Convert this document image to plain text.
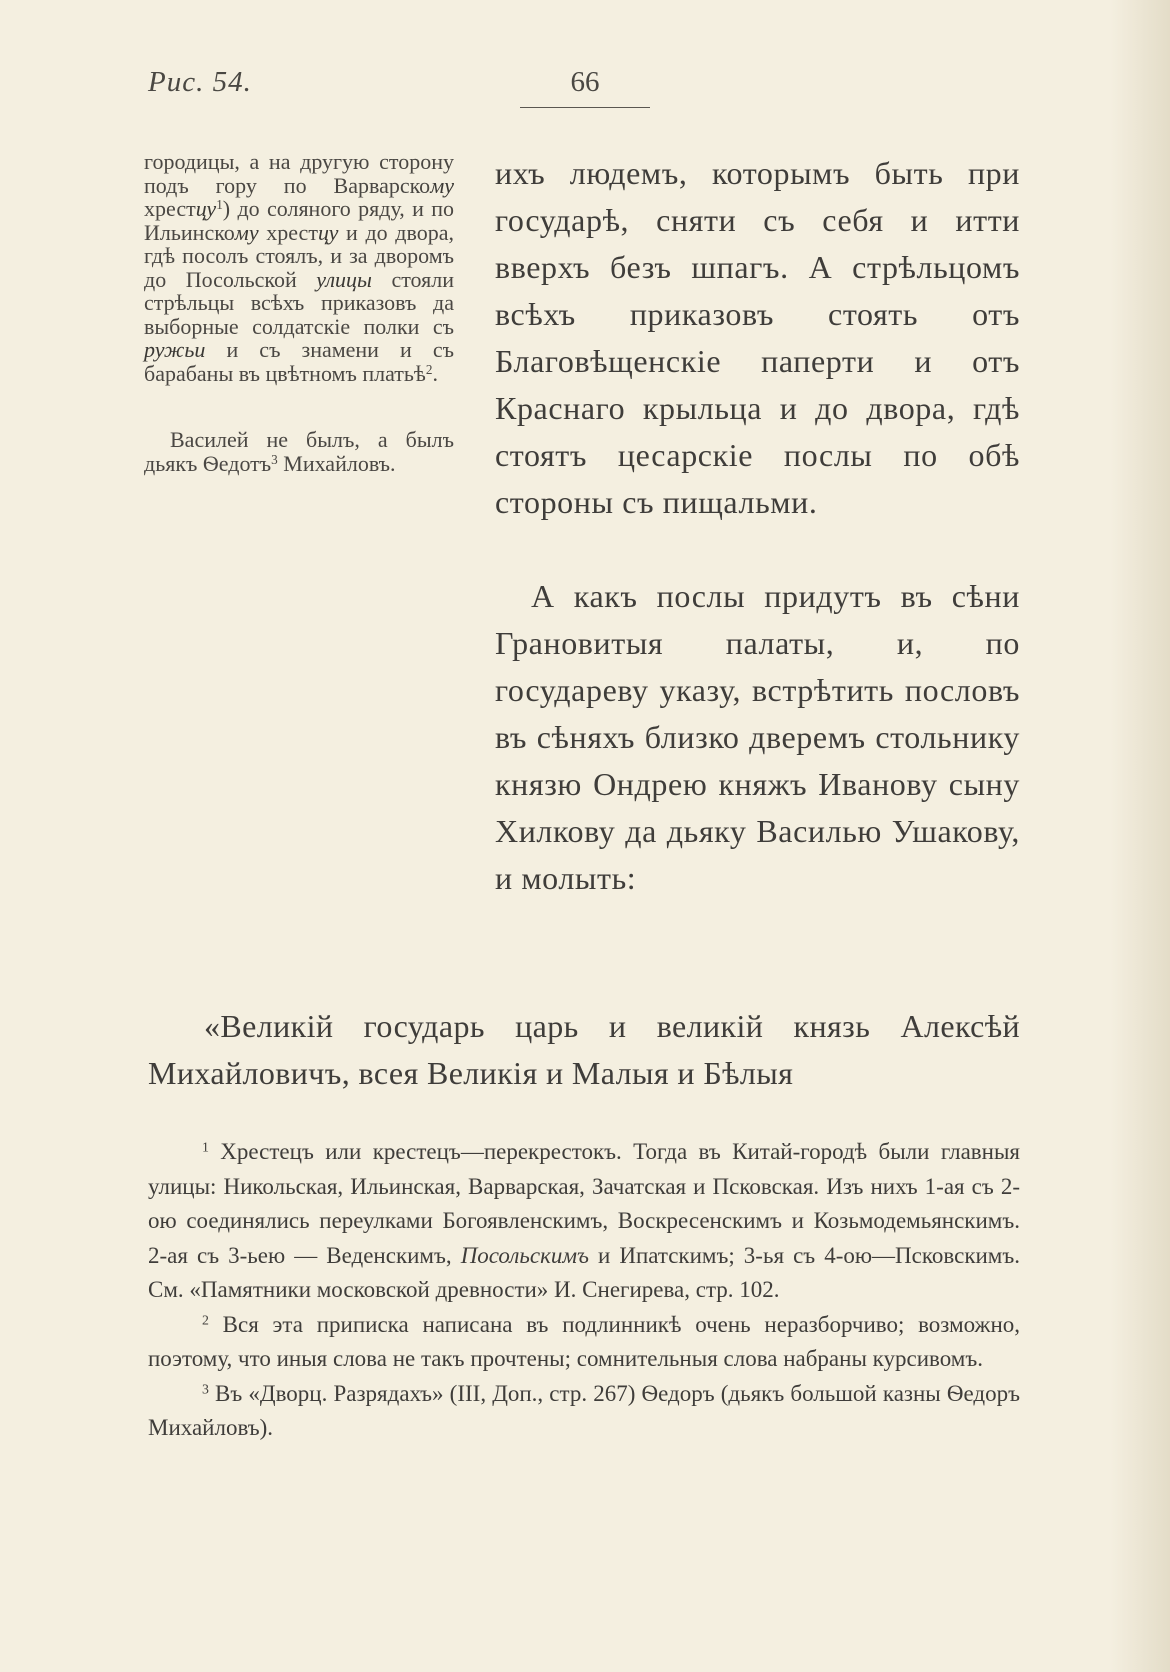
Рис. 54.	66

городицы, а на другую сторону подъ гору по Варварскому хрестцу$^1$) до соляного ряду, и по Ильинскому хрестцу и до двора, гдѣ посолъ стоялъ, и за дворомъ до Посольской улицы стояли стрѣльцы всѣхъ приказовъ да выборные солдатскіе полки съ ружьи и съ знамени и съ барабаны въ цвѣтномъ платьѣ$^2$.

Василей не былъ, а былъ дьякъ Ѳедотъ$^3$ Михайловъ.

ихъ людемъ, которымъ быть при государѣ, сняти съ себя и итти вверхъ безъ шпагъ. А стрѣльцомъ всѣхъ приказовъ стоять отъ Благовѣщенскіе паперти и отъ Краснаго крыльца и до двора, гдѣ стоятъ цесарскіе послы по обѣ стороны съ пищальми.

А какъ послы придутъ въ сѣни Грановитыя палаты, и, по государеву указу, встрѣтить пословъ въ сѣняхъ близко дверемъ стольнику князю Ондрею княжъ Иванову сыну Хилкову да дьяку Василью Ушакову, и молыть:

«Великій государь царь и великій князь Алексѣй Михайловичъ, всея Великія и Малыя и Бѣлыя

$^1$ Хрестецъ или крестецъ—перекрестокъ. Тогда въ Китай-городѣ были главныя улицы: Никольская, Ильинская, Варварская, Зачатская и Псковская. Изъ нихъ 1-ая съ 2-ою соединялись переулками Богоявленскимъ, Воскресенскимъ и Козьмодемьянскимъ. 2-ая съ 3-ьею — Веденскимъ, Посольскимъ и Ипатскимъ; 3-ья съ 4-ою—Псковскимъ. См. «Памятники московской древности» И. Снегирева, стр. 102.

$^2$ Вся эта приписка написана въ подлинникѣ очень неразборчиво; возможно, поэтому, что иныя слова не такъ прочтены; сомнительныя слова набраны курсивомъ.

$^3$ Въ «Дворц. Разрядахъ» (III, Доп., стр. 267) Ѳедоръ (дьякъ большой казны Ѳедоръ Михайловъ).
